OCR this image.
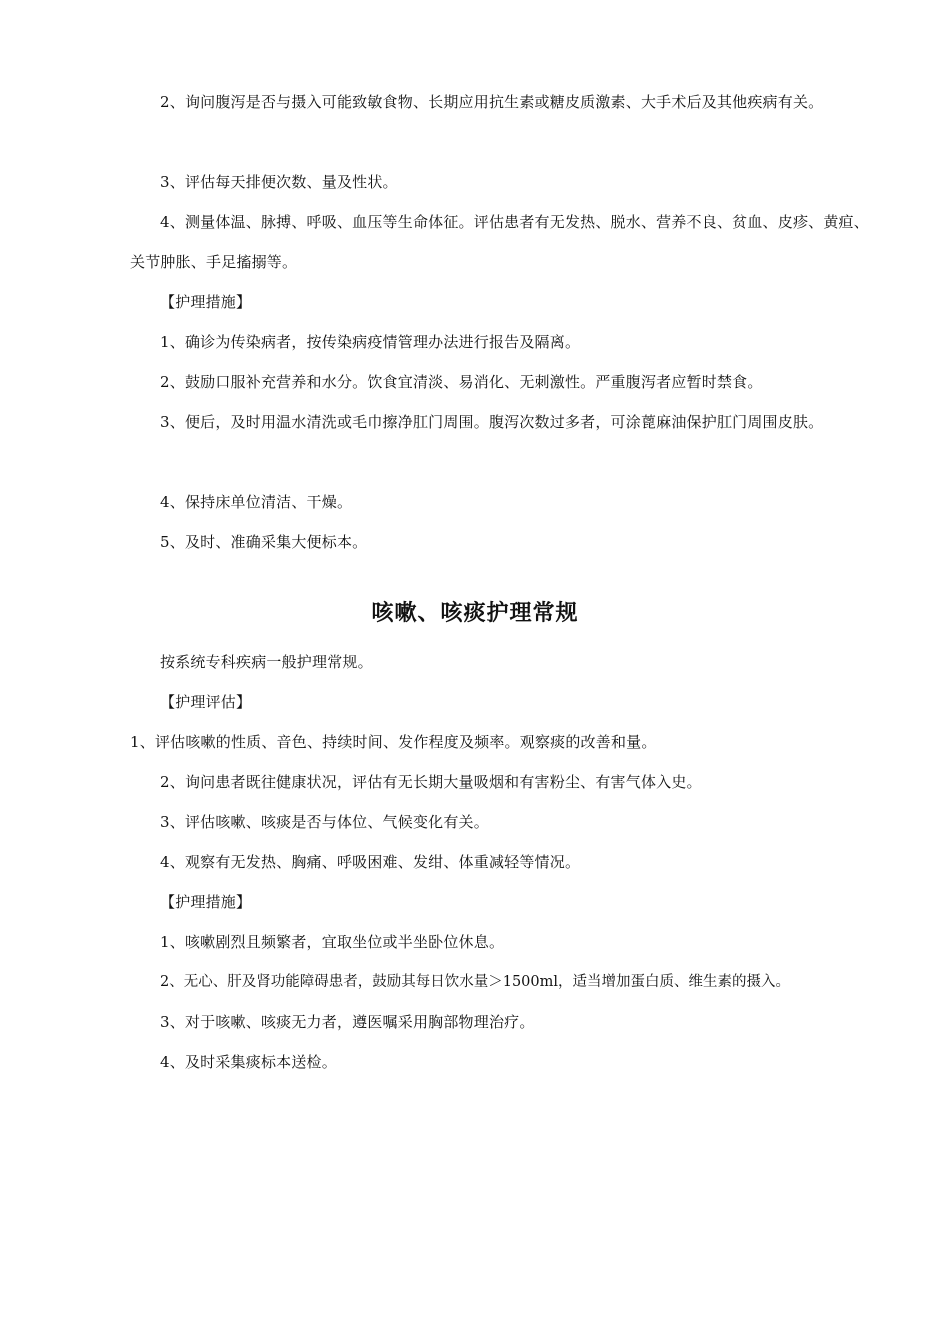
2、询问腹泻是否与摄入可能致敏食物、长期应用抗生素或糖皮质激素、大手术后及其他疾病有关。

3、评估每天排便次数、量及性状。

4、测量体温、脉搏、呼吸、血压等生命体征。评估患者有无发热、脱水、营养不良、贫血、皮疹、黄疸、关节肿胀、手足搐搦等。

【护理措施】

1、确诊为传染病者，按传染病疫情管理办法进行报告及隔离。

2、鼓励口服补充营养和水分。饮食宜清淡、易消化、无刺激性。严重腹泻者应暂时禁食。

3、便后，及时用温水清洗或毛巾擦净肛门周围。腹泻次数过多者，可涂蓖麻油保护肛门周围皮肤。

4、保持床单位清洁、干燥。

5、及时、准确采集大便标本。

咳嗽、咳痰护理常规

按系统专科疾病一般护理常规。

【护理评估】

1、评估咳嗽的性质、音色、持续时间、发作程度及频率。观察痰的改善和量。

2、询问患者既往健康状况，评估有无长期大量吸烟和有害粉尘、有害气体入史。

3、评估咳嗽、咳痰是否与体位、气候变化有关。

4、观察有无发热、胸痛、呼吸困难、发绀、体重减轻等情况。

【护理措施】

1、咳嗽剧烈且频繁者，宜取坐位或半坐卧位休息。

2、无心、肝及肾功能障碍患者，鼓励其每日饮水量＞1500ml，适当增加蛋白质、维生素的摄入。

3、对于咳嗽、咳痰无力者，遵医嘱采用胸部物理治疗。

4、及时采集痰标本送检。
